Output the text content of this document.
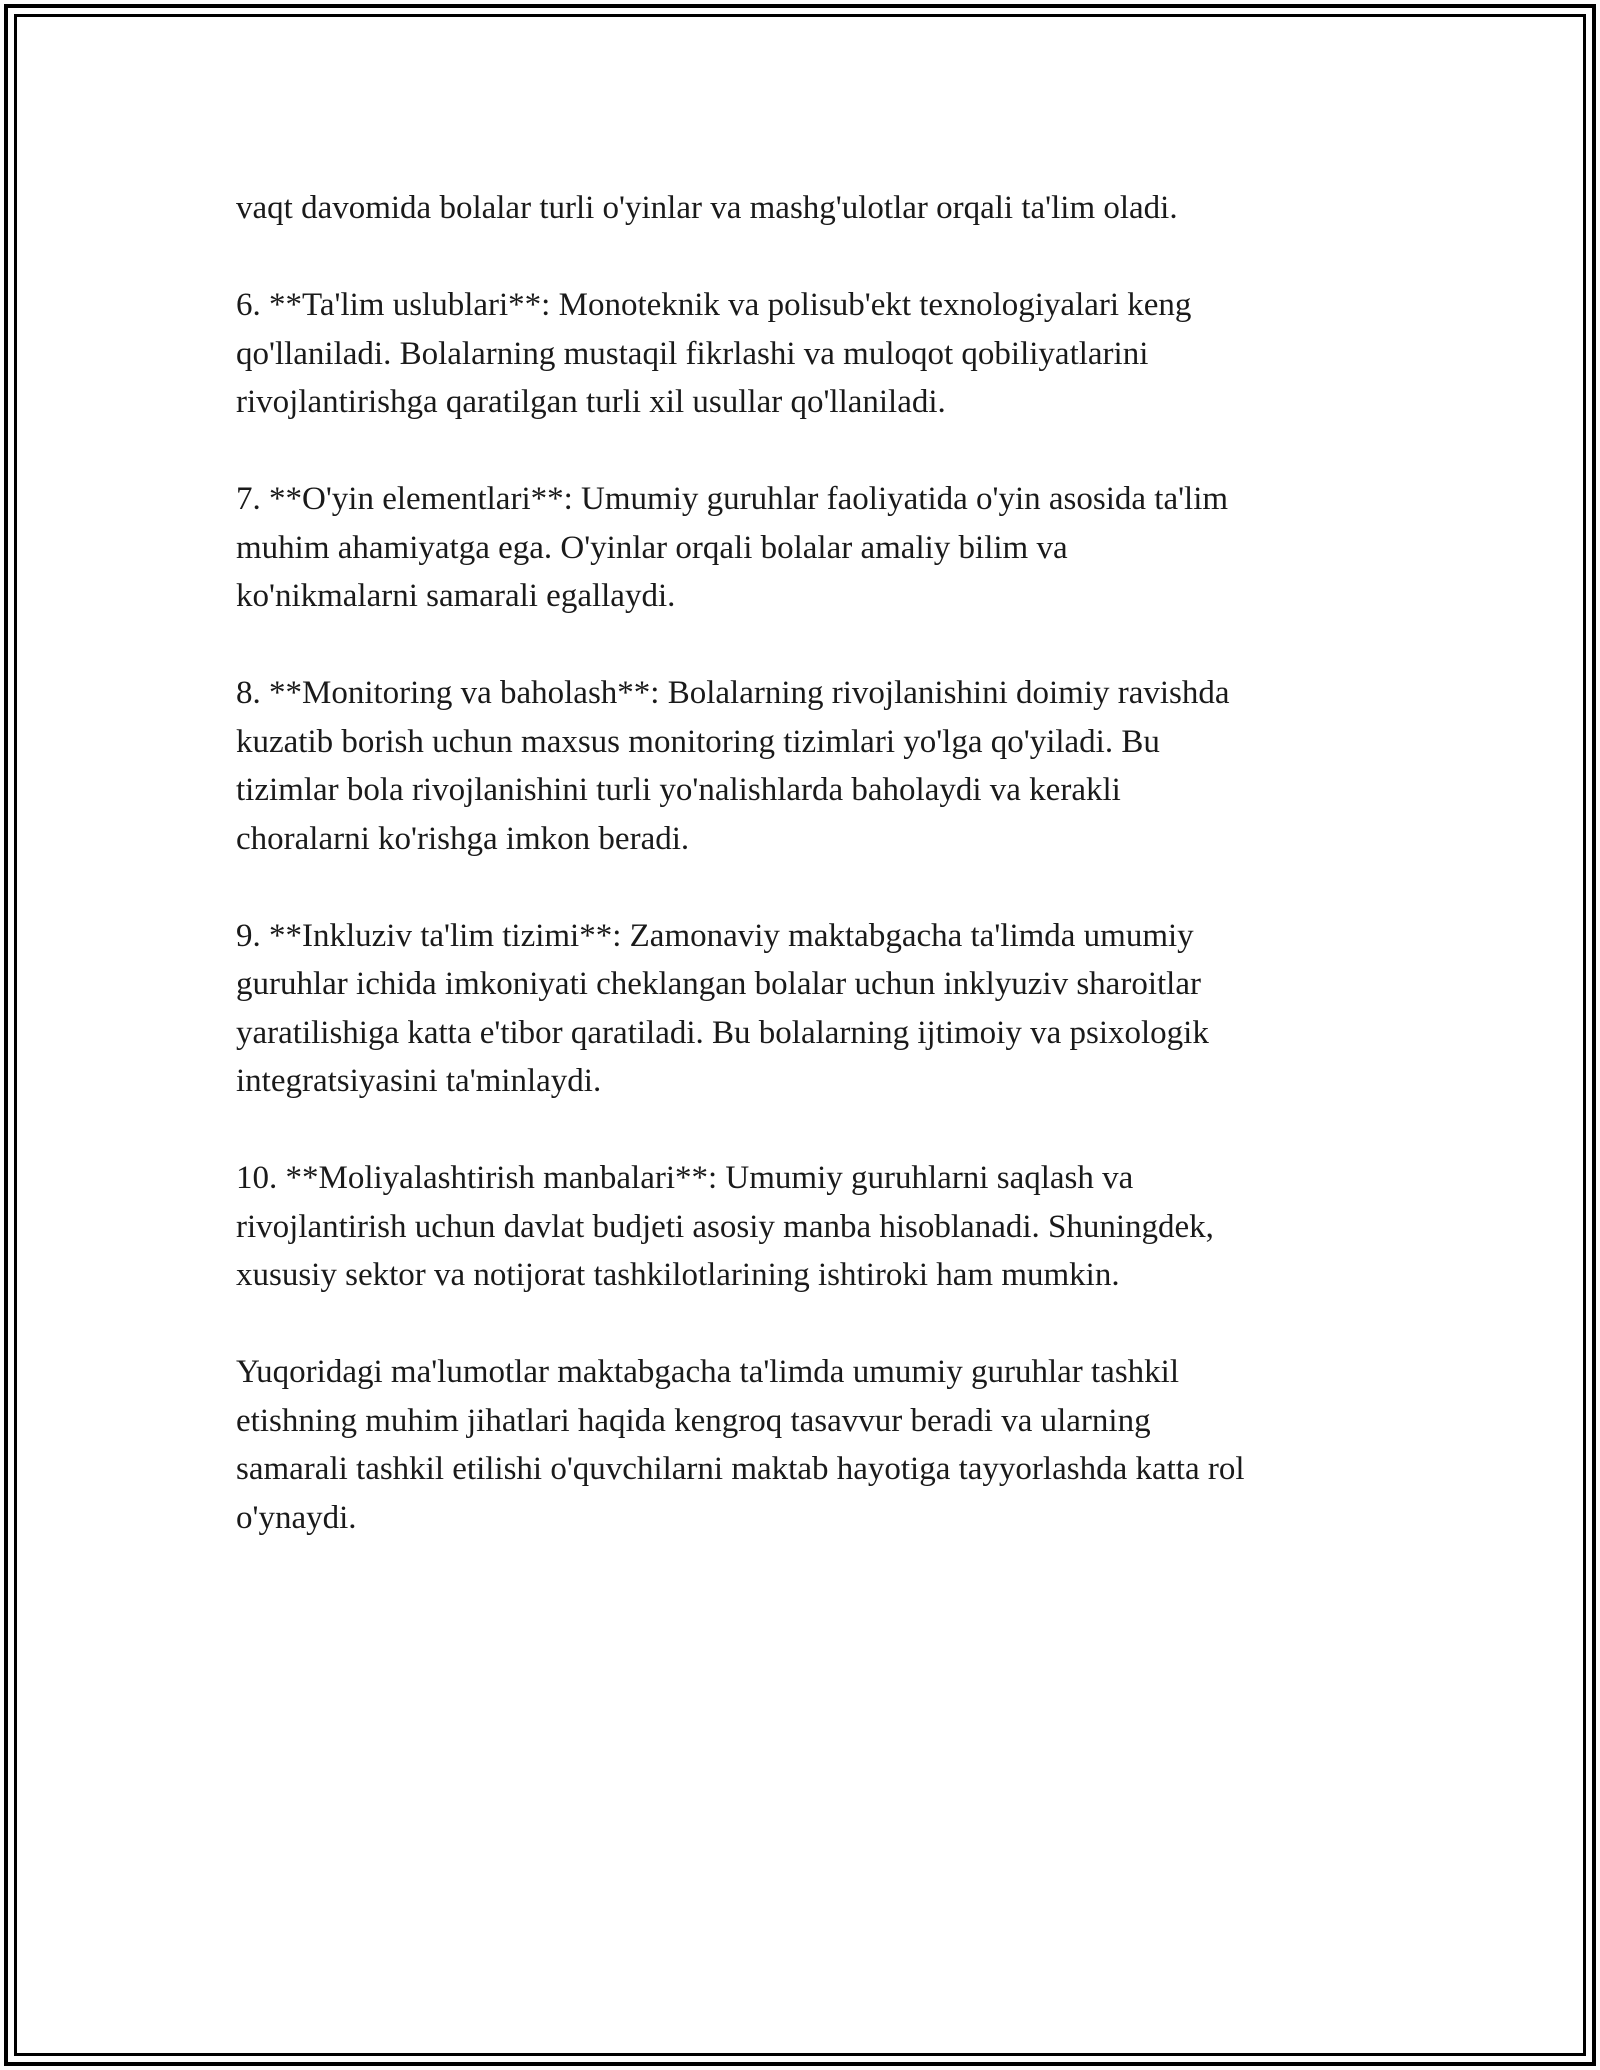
vaqt davomida bolalar turli o'yinlar va mashg'ulotlar orqali ta'lim oladi.

6. **Ta'lim uslublari**: Monoteknik va polisub'ekt texnologiyalari keng
qo'llaniladi. Bolalarning mustaqil fikrlashi va muloqot qobiliyatlarini
rivojlantirishga qaratilgan turli xil usullar qo'llaniladi.

7. **O'yin elementlari**: Umumiy guruhlar faoliyatida o'yin asosida ta'lim
muhim ahamiyatga ega. O'yinlar orqali bolalar amaliy bilim va
ko'nikmalarni samarali egallaydi.

8. **Monitoring va baholash**: Bolalarning rivojlanishini doimiy ravishda
kuzatib borish uchun maxsus monitoring tizimlari yo'lga qo'yiladi. Bu
tizimlar bola rivojlanishini turli yo'nalishlarda baholaydi va kerakli
choralarni ko'rishga imkon beradi.

9. **Inkluziv ta'lim tizimi**: Zamonaviy maktabgacha ta'limda umumiy
guruhlar ichida imkoniyati cheklangan bolalar uchun inklyuziv sharoitlar
yaratilishiga katta e'tibor qaratiladi. Bu bolalarning ijtimoiy va psixologik
integratsiyasini ta'minlaydi.

10. **Moliyalashtirish manbalari**: Umumiy guruhlarni saqlash va
rivojlantirish uchun davlat budjeti asosiy manba hisoblanadi. Shuningdek,
xususiy sektor va notijorat tashkilotlarining ishtiroki ham mumkin.

Yuqoridagi ma'lumotlar maktabgacha ta'limda umumiy guruhlar tashkil
etishning muhim jihatlari haqida kengroq tasavvur beradi va ularning
samarali tashkil etilishi o'quvchilarni maktab hayotiga tayyorlashda katta rol
o'ynaydi.
